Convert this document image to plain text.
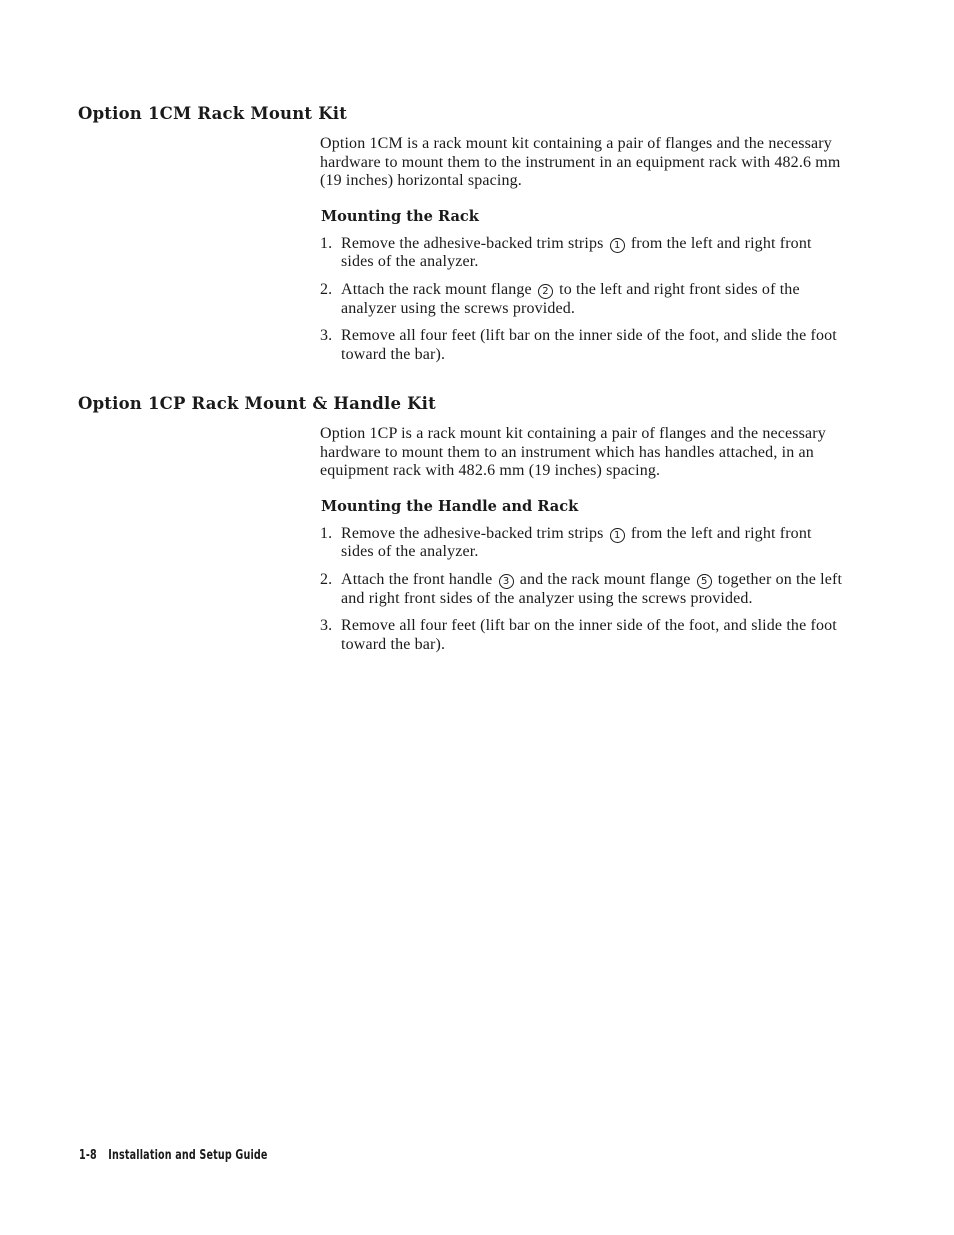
Option 1CM Rack Mount Kit

Option 1CM is a rack mount kit containing a pair of flanges and the necessary hardware to mount them to the instrument in an equipment rack with 482.6 mm (19 inches) horizontal spacing.

Mounting the Rack
1. Remove the adhesive-backed trim strips 1 from the left and right front sides of the analyzer.
2. Attach the rack mount flange 2 to the left and right front sides of the analyzer using the screws provided.
3. Remove all four feet (lift bar on the inner side of the foot, and slide the foot toward the bar).
Option 1CP Rack Mount & Handle Kit

Option 1CP is a rack mount kit containing a pair of flanges and the necessary hardware to mount them to an instrument which has handles attached, in an equipment rack with 482.6 mm (19 inches) spacing.

Mounting the Handle and Rack
1. Remove the adhesive-backed trim strips 1 from the left and right front sides of the analyzer.
2. Attach the front handle 3 and the rack mount flange 5 together on the left and right front sides of the analyzer using the screws provided.
3. Remove all four feet (lift bar on the inner side of the foot, and slide the foot toward the bar).
1-8 Installation and Setup Guide
